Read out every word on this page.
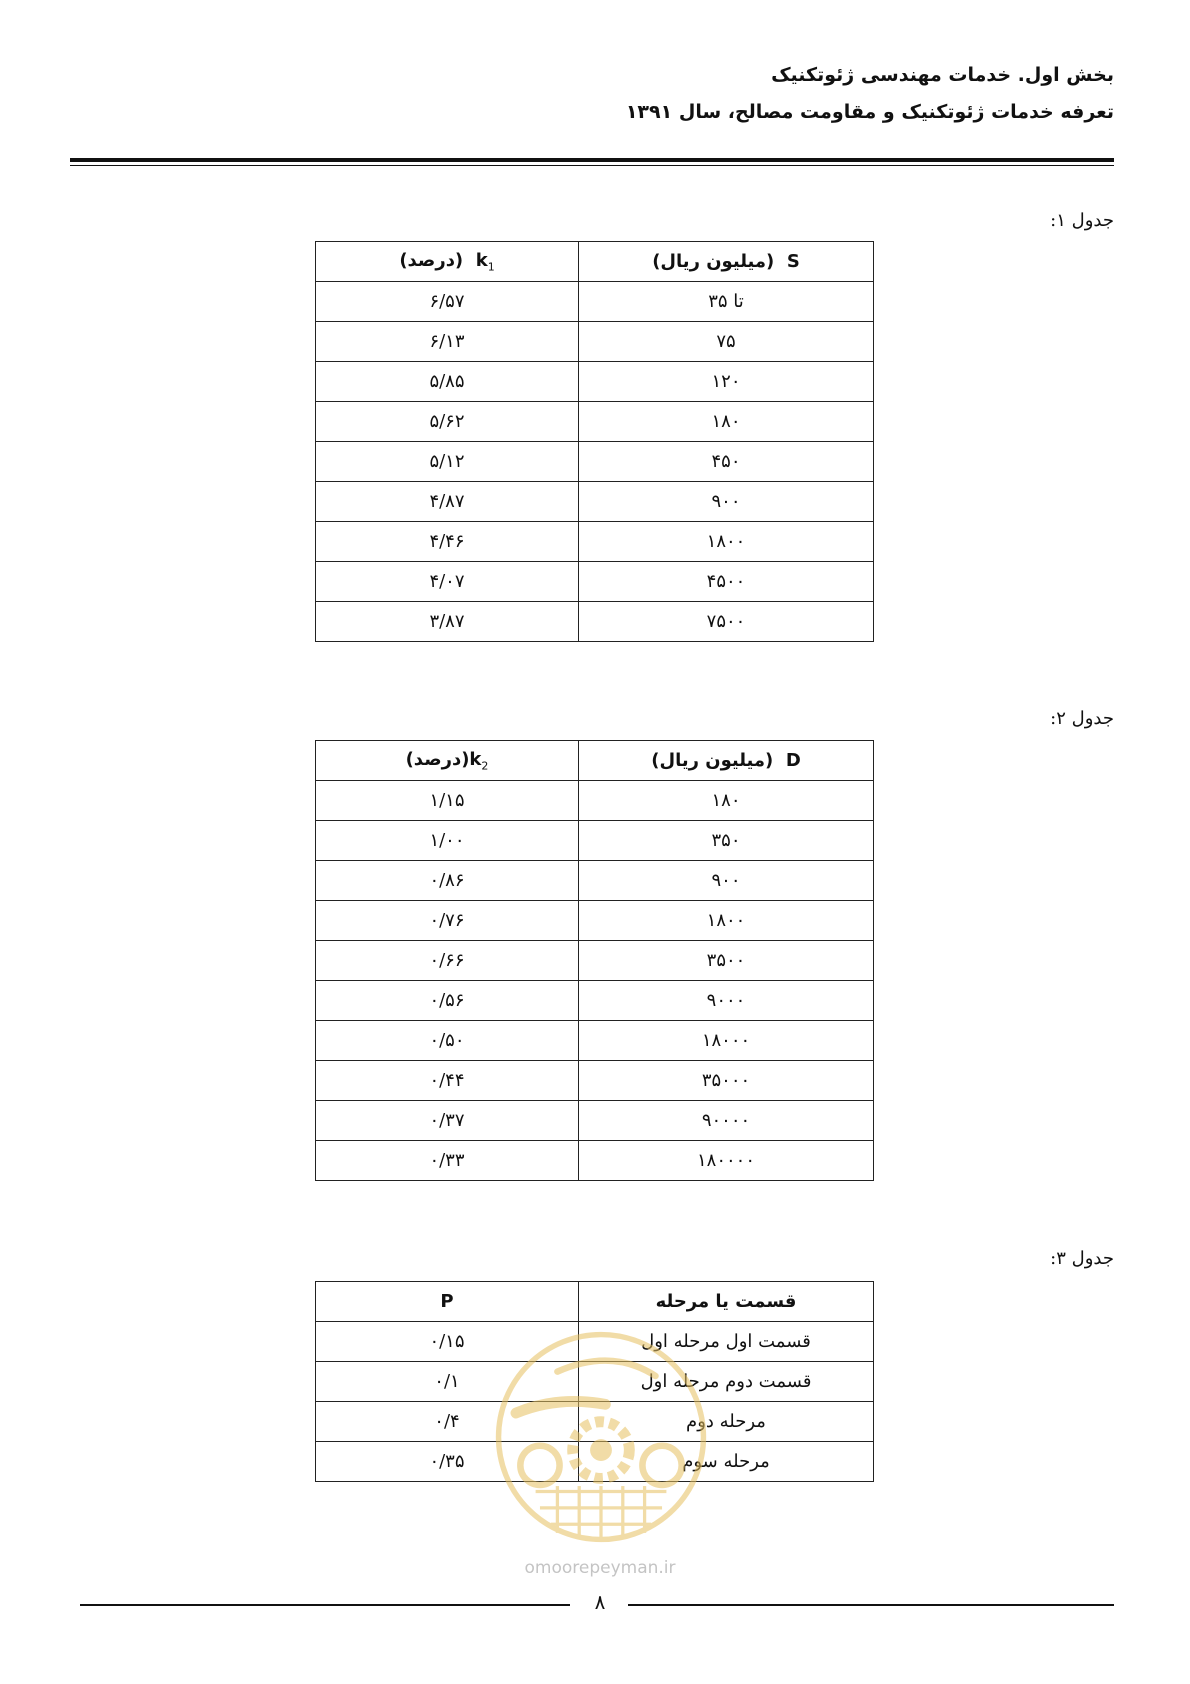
بخش اول. خدمات مهندسی ژئوتکنیک
تعرفه خدمات ژئوتکنیک و مقاومت مصالح، سال ۱۳۹۱
جدول ۱:
S  (میلیون ریال)	$k_1$  (درصد)
تا ۳۵	۶/۵۷
۷۵	۶/۱۳
۱۲۰	۵/۸۵
۱۸۰	۵/۶۲
۴۵۰	۵/۱۲
۹۰۰	۴/۸۷
۱۸۰۰	۴/۴۶
۴۵۰۰	۴/۰۷
۷۵۰۰	۳/۸۷
جدول ۲:
D  (میلیون ریال)	$k_2(درصد)$
۱۸۰	۱/۱۵
۳۵۰	۱/۰۰
۹۰۰	۰/۸۶
۱۸۰۰	۰/۷۶
۳۵۰۰	۰/۶۶
۹۰۰۰	۰/۵۶
۱۸۰۰۰	۰/۵۰
۳۵۰۰۰	۰/۴۴
۹۰۰۰۰	۰/۳۷
۱۸۰۰۰۰	۰/۳۳
جدول ۳:
قسمت یا مرحله	P
قسمت اول مرحله اول	۰/۱۵
قسمت دوم مرحله اول	۰/۱
مرحله دوم	۰/۴
مرحله سوم	۰/۳۵
omoorepeyman.ir
۸
